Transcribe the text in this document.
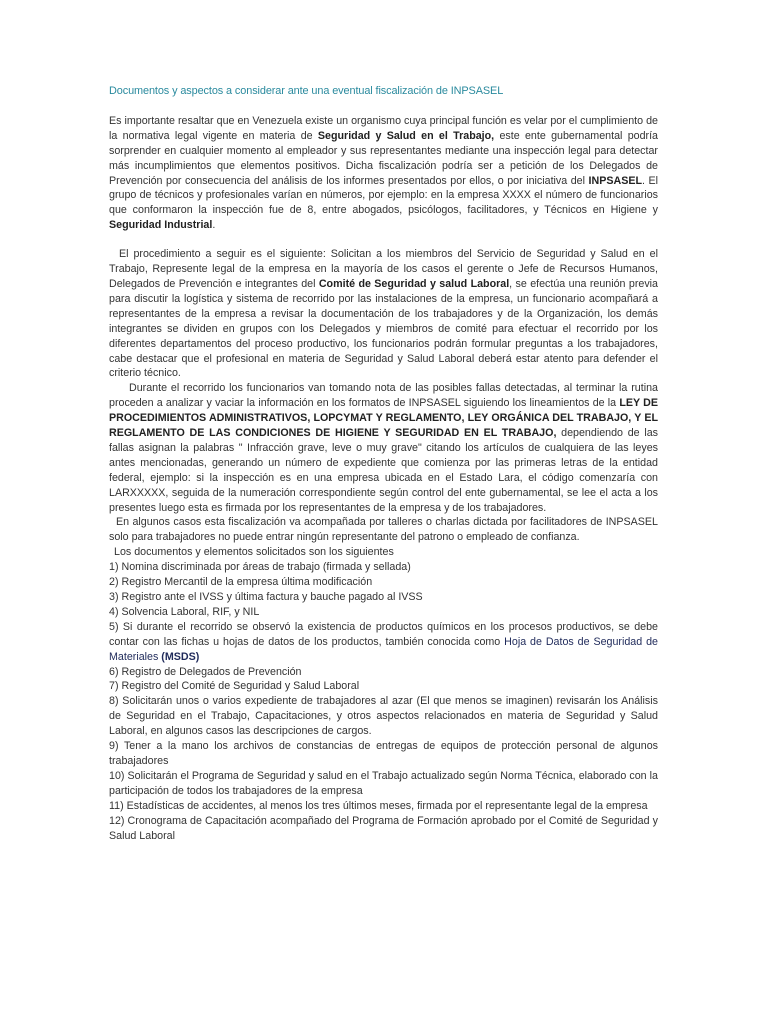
Documentos y aspectos a considerar ante una eventual fiscalización de INPSASEL

Es importante resaltar que en Venezuela existe un organismo cuya principal función es velar por el cumplimiento de la normativa legal vigente en materia de Seguridad y Salud en el Trabajo, este ente gubernamental podría sorprender en cualquier momento al empleador y sus representantes mediante una inspección legal para detectar más incumplimientos que elementos positivos. Dicha fiscalización podría ser a petición de los Delegados de Prevención por consecuencia del análisis de los informes presentados por ellos, o por iniciativa del INPSASEL. El grupo de técnicos y profesionales varían en números, por ejemplo: en la empresa XXXX el número de funcionarios que conformaron la inspección fue de 8, entre abogados, psicólogos, facilitadores, y Técnicos en Higiene y Seguridad Industrial.

El procedimiento a seguir es el siguiente: Solicitan a los miembros del Servicio de Seguridad y Salud en el Trabajo, Represente legal de la empresa en la mayoría de los casos el gerente o Jefe de Recursos Humanos, Delegados de Prevención e integrantes del Comité de Seguridad y salud Laboral, se efectúa una reunión previa para discutir la logística y sistema de recorrido por las instalaciones de la empresa, un funcionario acompañará a representantes de la empresa a revisar la documentación de los trabajadores y de la Organización, los demás integrantes se dividen en grupos con los Delegados y miembros de comité para efectuar el recorrido por los diferentes departamentos del proceso productivo, los funcionarios podrán formular preguntas a los trabajadores, cabe destacar que el profesional en materia de Seguridad y Salud Laboral deberá estar atento para defender el criterio técnico.

Durante el recorrido los funcionarios van tomando nota de las posibles fallas detectadas, al terminar la rutina proceden a analizar y vaciar la información en los formatos de INPSASEL siguiendo los lineamientos de la LEY DE PROCEDIMIENTOS ADMINISTRATIVOS, LOPCYMAT Y REGLAMENTO, LEY ORGÁNICA DEL TRABAJO, Y EL REGLAMENTO DE LAS CONDICIONES DE HIGIENE Y SEGURIDAD EN EL TRABAJO, dependiendo de las fallas asignan la palabras " Infracción grave, leve o muy grave" citando los artículos de cualquiera de las leyes antes mencionadas, generando un número de expediente que comienza por las primeras letras de la entidad federal, ejemplo: si la inspección es en una empresa ubicada en el Estado Lara, el código comenzaría con LARXXXXX, seguida de la numeración correspondiente según control del ente gubernamental, se lee el acta a los presentes luego esta es firmada por los representantes de la empresa y de los trabajadores.

En algunos casos esta fiscalización va acompañada por talleres o charlas dictada por facilitadores de INPSASEL solo para trabajadores no puede entrar ningún representante del patrono o empleado de confianza.

Los documentos y elementos solicitados son los siguientes

1) Nomina discriminada por áreas de trabajo (firmada y sellada)

2) Registro Mercantil de la empresa última modificación

3) Registro ante el IVSS y última factura y bauche pagado al IVSS

4) Solvencia Laboral, RIF, y NIL

5) Si durante el recorrido se observó la existencia de productos químicos en los procesos productivos, se debe contar con las fichas u hojas de datos de los productos, también conocida como Hoja de Datos de Seguridad de Materiales (MSDS)

6) Registro de Delegados de Prevención

7) Registro del Comité de Seguridad y Salud Laboral

8) Solicitarán unos o varios expediente de trabajadores al azar (El que menos se imaginen) revisarán los Análisis de Seguridad en el Trabajo, Capacitaciones, y otros aspectos relacionados en materia de Seguridad y Salud Laboral, en algunos casos las descripciones de cargos.

9) Tener a la mano los archivos de constancias de entregas de equipos de protección personal de algunos trabajadores

10) Solicitarán el Programa de Seguridad y salud en el Trabajo actualizado según Norma Técnica, elaborado con la participación de todos los trabajadores de la empresa

11) Estadísticas de accidentes, al menos los tres últimos meses, firmada por el representante legal de la empresa

12) Cronograma de Capacitación acompañado del Programa de Formación aprobado por el Comité de Seguridad y Salud Laboral
